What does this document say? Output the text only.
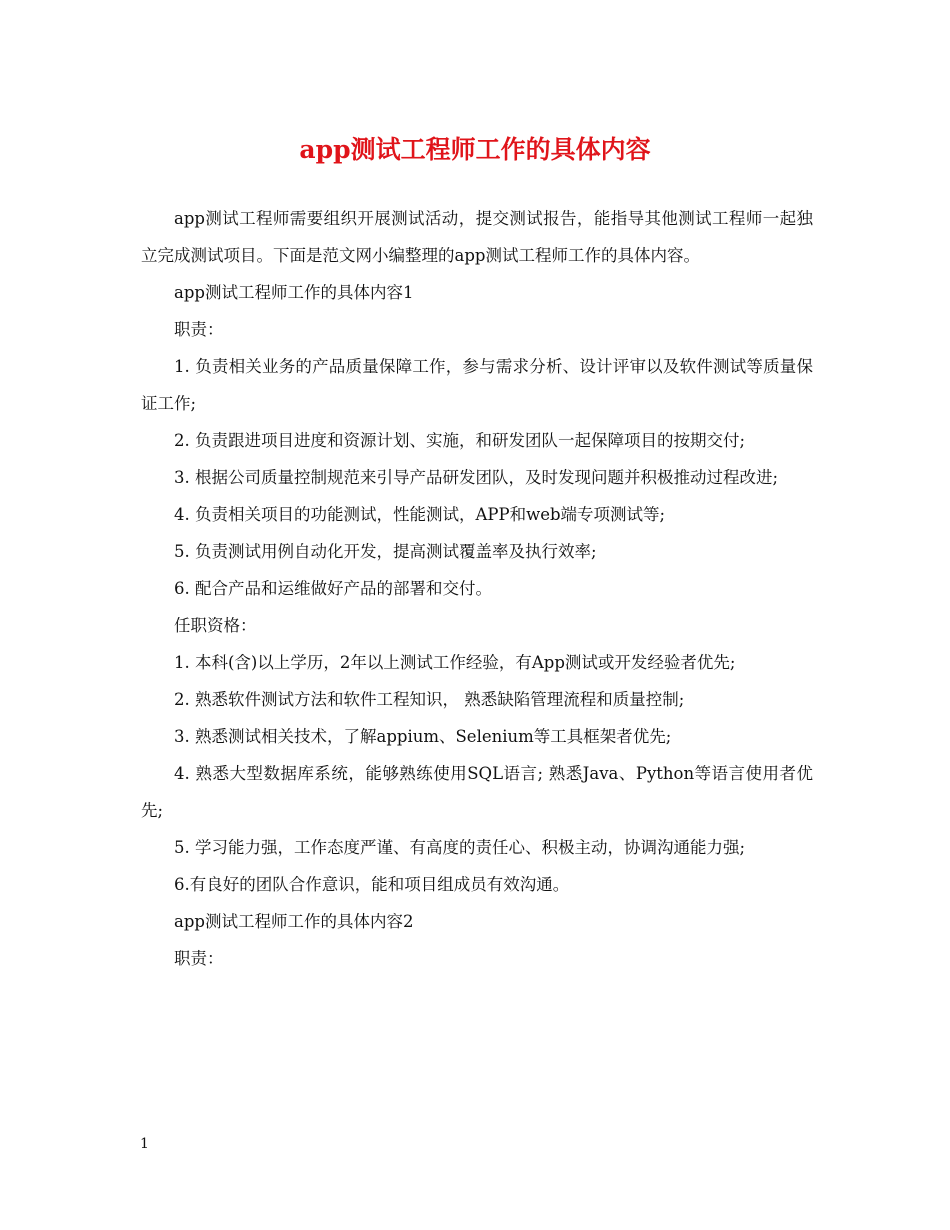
app测试工程师工作的具体内容

app测试工程师需要组织开展测试活动，提交测试报告，能指导其他测试工程师一起独立完成测试项目。下面是范文网小编整理的app测试工程师工作的具体内容。

app测试工程师工作的具体内容1

职责：

1. 负责相关业务的产品质量保障工作，参与需求分析、设计评审以及软件测试等质量保证工作;

2. 负责跟进项目进度和资源计划、实施，和研发团队一起保障项目的按期交付;

3. 根据公司质量控制规范来引导产品研发团队，及时发现问题并积极推动过程改进;

4. 负责相关项目的功能测试，性能测试，APP和web端专项测试等;

5. 负责测试用例自动化开发，提高测试覆盖率及执行效率;

6. 配合产品和运维做好产品的部署和交付。

任职资格：

1. 本科(含)以上学历，2年以上测试工作经验，有App测试或开发经验者优先;

2. 熟悉软件测试方法和软件工程知识， 熟悉缺陷管理流程和质量控制;

3. 熟悉测试相关技术，了解appium、Selenium等工具框架者优先;

4. 熟悉大型数据库系统，能够熟练使用SQL语言; 熟悉Java、Python等语言使用者优先;

5. 学习能力强，工作态度严谨、有高度的责任心、积极主动，协调沟通能力强;

6.有良好的团队合作意识，能和项目组成员有效沟通。

app测试工程师工作的具体内容2

职责：

1
